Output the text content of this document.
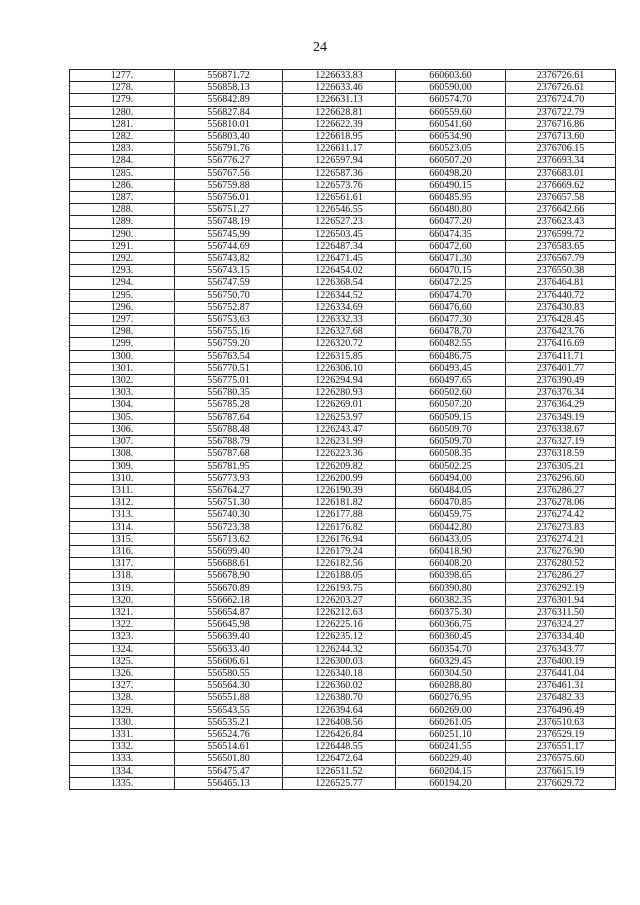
24
1277.	556871.72	1226633.83	660603.60	2376726.61
1278.	556858.13	1226633.46	660590.00	2376726.61
1279.	556842.89	1226631.13	660574.70	2376724.70
1280.	556827.84	1226628.81	660559.60	2376722.79
1281.	556810.01	1226622.39	660541.60	2376716.86
1282.	556803.40	1226618.95	660534.90	2376713.60
1283.	556791.76	1226611.17	660523.05	2376706.15
1284.	556776.27	1226597.94	660507.20	2376693.34
1285.	556767.56	1226587.36	660498.20	2376683.01
1286.	556759.88	1226573.76	660490.15	2376669.62
1287.	556756.01	1226561.61	660485.95	2376657.58
1288.	556751.27	1226546.55	660480.80	2376642.66
1289.	556748.19	1226527.23	660477.20	2376623.43
1290.	556745.99	1226503.45	660474.35	2376599.72
1291.	556744.69	1226487.34	660472.60	2376583.65
1292.	556743.82	1226471.45	660471.30	2376567.79
1293.	556743.15	1226454.02	660470.15	2376550.38
1294.	556747.59	1226368.54	660472.25	2376464.81
1295.	556750.70	1226344.52	660474.70	2376440.72
1296.	556752.87	1226334.69	660476.60	2376430.83
1297.	556753.63	1226332.33	660477.30	2376428.45
1298.	556755.16	1226327.68	660478.70	2376423.76
1299.	556759.20	1226320.72	660482.55	2376416.69
1300.	556763.54	1226315.85	660486.75	2376411.71
1301.	556770.51	1226306.10	660493.45	2376401.77
1302.	556775.01	1226294.94	660497.65	2376390.49
1303.	556780.35	1226280.93	660502.60	2376376.34
1304.	556785.28	1226269.01	660507.20	2376364.29
1305.	556787.64	1226253.97	660509.15	2376349.19
1306.	556788.48	1226243.47	660509.70	2376338.67
1307.	556788.79	1226231.99	660509.70	2376327.19
1308.	556787.68	1226223.36	660508.35	2376318.59
1309.	556781.95	1226209.82	660502.25	2376305.21
1310.	556773.93	1226200.99	660494.00	2376296.60
1311.	556764.27	1226190.39	660484.05	2376286.27
1312.	556751.30	1226181.82	660470.85	2376278.06
1313.	556740.30	1226177.88	660459.75	2376274.42
1314.	556723.38	1226176.82	660442.80	2376273.83
1315.	556713.62	1226176.94	660433.05	2376274.21
1316.	556699.40	1226179.24	660418.90	2376276.90
1317.	556688.61	1226182.56	660408.20	2376280.52
1318.	556678.90	1226188.05	660398.65	2376286.27
1319.	556670.89	1226193.75	660390.80	2376292.19
1320.	556662.18	1226203.27	660382.35	2376301.94
1321.	556654.87	1226212.63	660375.30	2376311.50
1322.	556645.98	1226225.16	660366.75	2376324.27
1323.	556639.40	1226235.12	660360.45	2376334.40
1324.	556633.40	1226244.32	660354.70	2376343.77
1325.	556606.61	1226300.03	660329.45	2376400.19
1326.	556580.55	1226340.18	660304.50	2376441.04
1327.	556564.30	1226360.02	660288.80	2376461.31
1328.	556551.88	1226380.70	660276.95	2376482.33
1329.	556543.55	1226394.64	660269.00	2376496.49
1330.	556535.21	1226408.56	660261.05	2376510.63
1331.	556524.76	1226426.84	660251.10	2376529.19
1332.	556514.61	1226448.55	660241.55	2376551.17
1333.	556501.80	1226472.64	660229.40	2376575.60
1334.	556475.47	1226511.52	660204.15	2376615.19
1335.	556465.13	1226525.77	660194.20	2376629.72
